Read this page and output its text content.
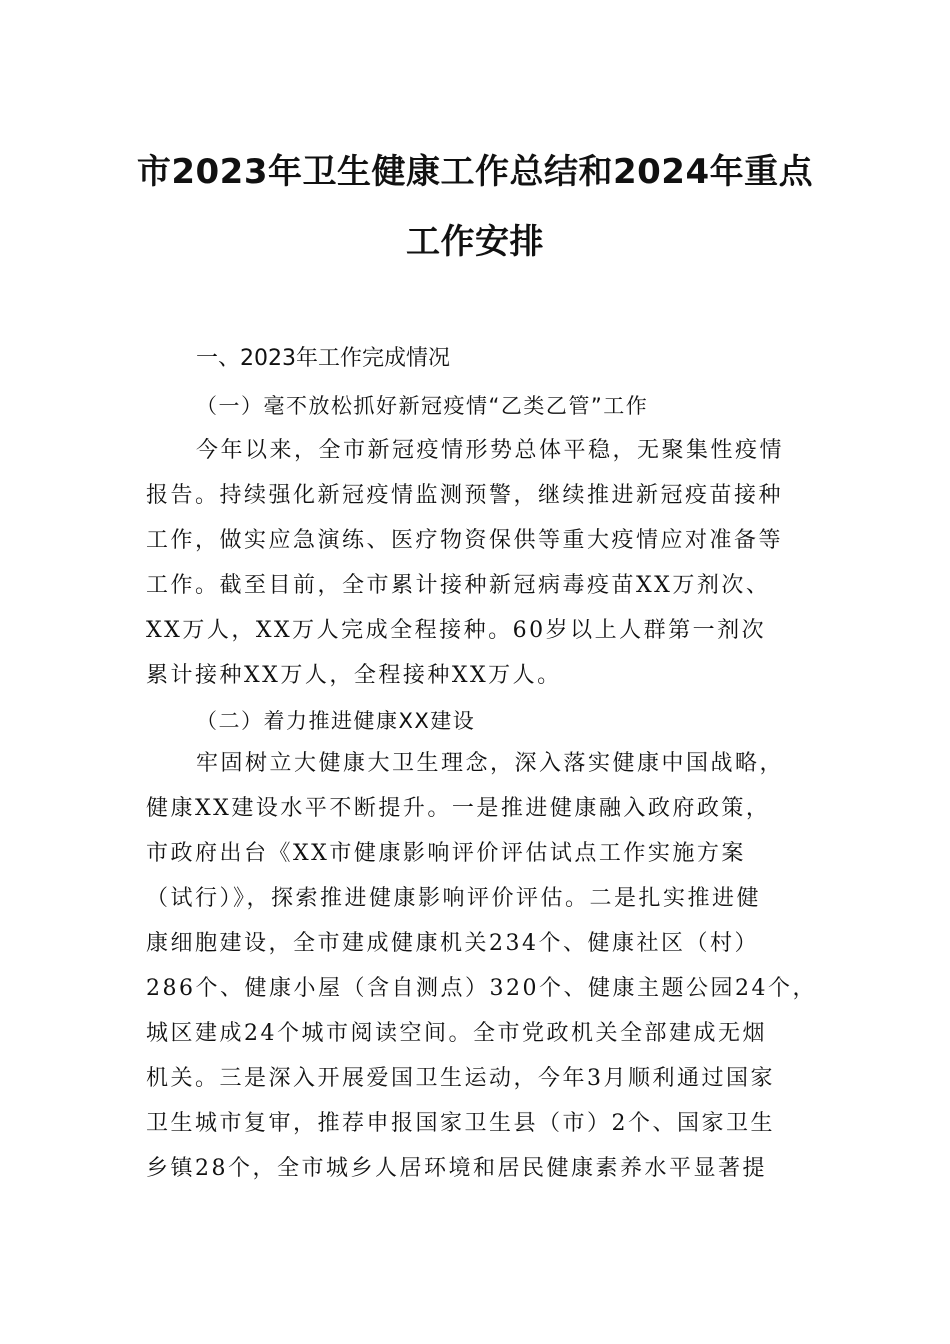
市2023年卫生健康工作总结和2024年重点
工作安排
一、2023年工作完成情况
（一）毫不放松抓好新冠疫情“乙类乙管”工作
今年以来，全市新冠疫情形势总体平稳，无聚集性疫情
报告。持续强化新冠疫情监测预警，继续推进新冠疫苗接种
工作，做实应急演练、医疗物资保供等重大疫情应对准备等
工作。截至目前，全市累计接种新冠病毒疫苗XX万剂次、
XX万人，XX万人完成全程接种。60岁以上人群第一剂次
累计接种XX万人，全程接种XX万人。
（二）着力推进健康XX建设
牢固树立大健康大卫生理念，深入落实健康中国战略，
健康XX建设水平不断提升。一是推进健康融入政府政策，
市政府出台《XX市健康影响评价评估试点工作实施方案
（试行）》，探索推进健康影响评价评估。二是扎实推进健
康细胞建设，全市建成健康机关234个、健康社区（村）
286个、健康小屋（含自测点）320个、健康主题公园24个，
城区建成24个城市阅读空间。全市党政机关全部建成无烟
机关。三是深入开展爱国卫生运动，今年3月顺利通过国家
卫生城市复审，推荐申报国家卫生县（市）2个、国家卫生
乡镇28个，全市城乡人居环境和居民健康素养水平显著提
